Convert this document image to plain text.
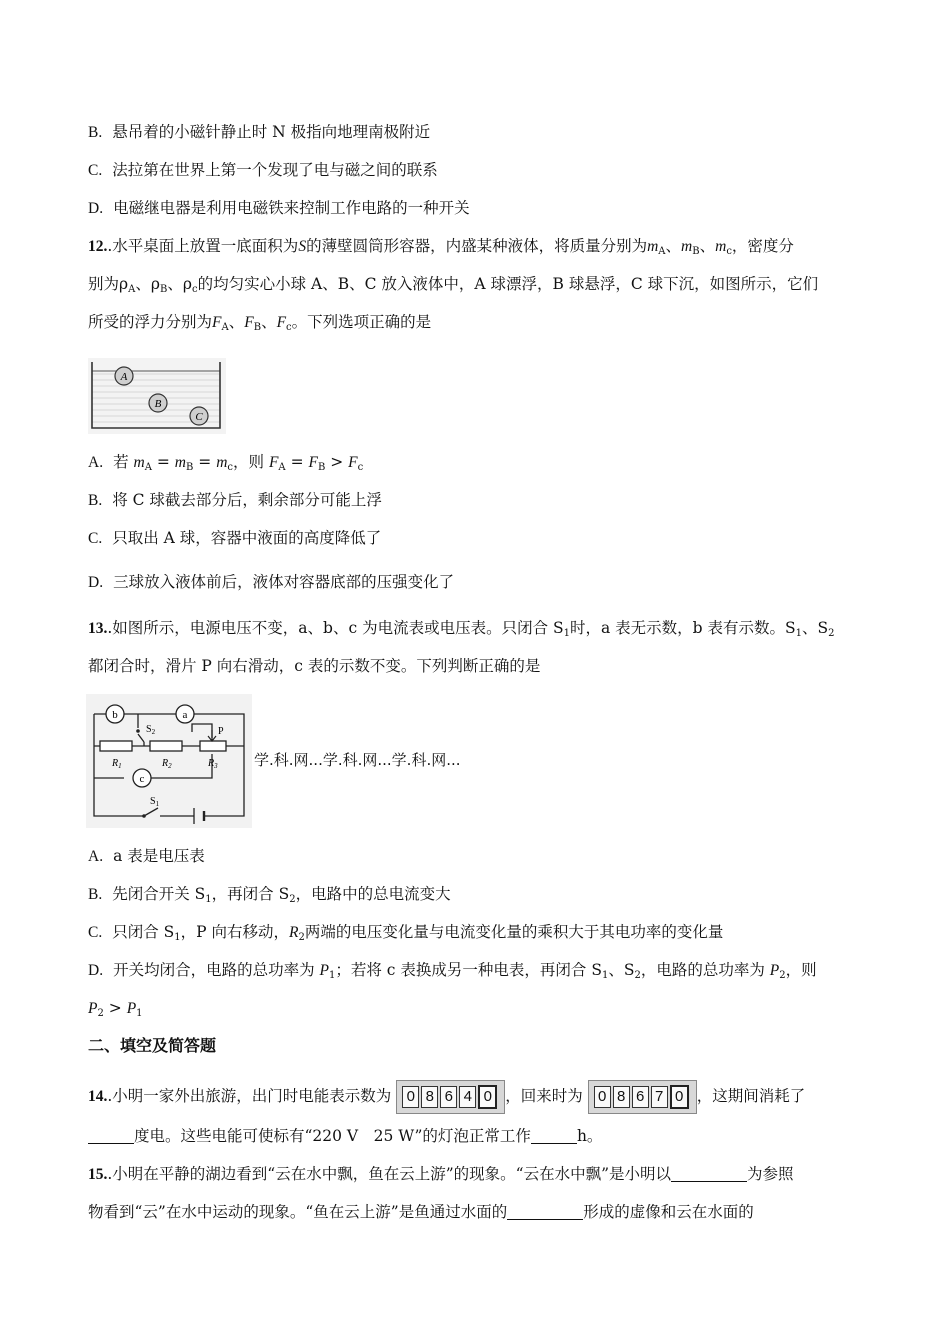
B. 悬吊着的小磁针静止时 N 极指向地理南极附近
C. 法拉第在世界上第一个发现了电与磁之间的联系
D. 电磁继电器是利用电磁铁来控制工作电路的一种开关
12..水平桌面上放置一底面积为S的薄壁圆筒形容器，内盛某种液体，将质量分别为$m_A$、$m_B$、$m_c$，密度分
别为$\rho_A$、$\rho_B$、$\rho_c$的均匀实心小球 A、B、C 放入液体中，A 球漂浮，B 球悬浮，C 球下沉，如图所示，它们
所受的浮力分别为$F_A$、$F_B$、$F_c$。下列选项正确的是
A
B
C
A. 若 $m_A = m_B = m_c$，则 $F_A = F_B > F_c$
B. 将 C 球截去部分后，剩余部分可能上浮
C. 只取出 A 球，容器中液面的高度降低了
D. 三球放入液体前后，液体对容器底部的压强变化了
13..如图所示，电源电压不变，a、b、c 为电流表或电压表。只闭合 $S_1$时，a 表无示数，b 表有示数。$S_1$、$S_2$
都闭合时，滑片 P 向右滑动，c 表的示数不变。下列判断正确的是
b	a
c
$S_2$
$S_1$
P
$R_1$	$R_2$	$R_3$ 学.科.网...学.科.网...学.科.网...
A. a 表是电压表
B. 先闭合开关 $S_1$，再闭合 $S_2$，电路中的总电流变大
C. 只闭合 $S_1$，P 向右移动，$R_2$两端的电压变化量与电流变化量的乘积大于其电功率的变化量
D. 开关均闭合，电路的总功率为 $P_1$；若将 c 表换成另一种电表，再闭合 $S_1$、$S_2$，电路的总功率为 $P_2$，则
$P_2 > P_1$
二、填空及简答题
14..小明一家外出旅游，出门时电能表示数为 0 8 6 4 0 ，回来时为 0 8 6 7 0 ，这期间消耗了
度电。这些电能可使标有“220 V　25 W”的灯泡正常工作	h。
15..小明在平静的湖边看到“云在水中飘，鱼在云上游”的现象。“云在水中飘”是小明以	为参照
物看到“云”在水中运动的现象。“鱼在云上游”是鱼通过水面的	形成的虚像和云在水面的
